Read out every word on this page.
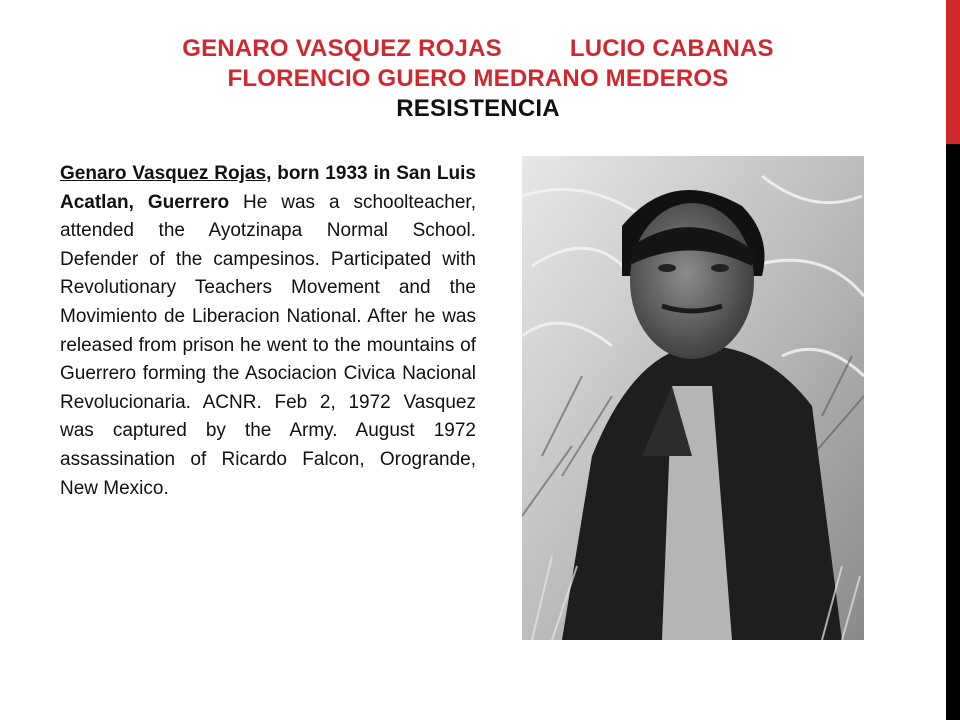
GENARO VASQUEZ ROJAS	LUCIO CABANAS
FLORENCIO GUERO MEDRANO MEDEROS
RESISTENCIA
Genaro Vasquez Rojas, born 1933 in San Luis Acatlan, Guerrero He was a schoolteacher, attended the Ayotzinapa Normal School. Defender of the campesinos. Participated with Revolutionary Teachers Movement and the Movimiento de Liberacion National. After he was released from prison he went to the mountains of Guerrero forming the Asociacion Civica Nacional Revolucionaria. ACNR. Feb 2, 1972 Vasquez was captured by the Army. August 1972 assassination of Ricardo Falcon, Orogrande, New Mexico.
